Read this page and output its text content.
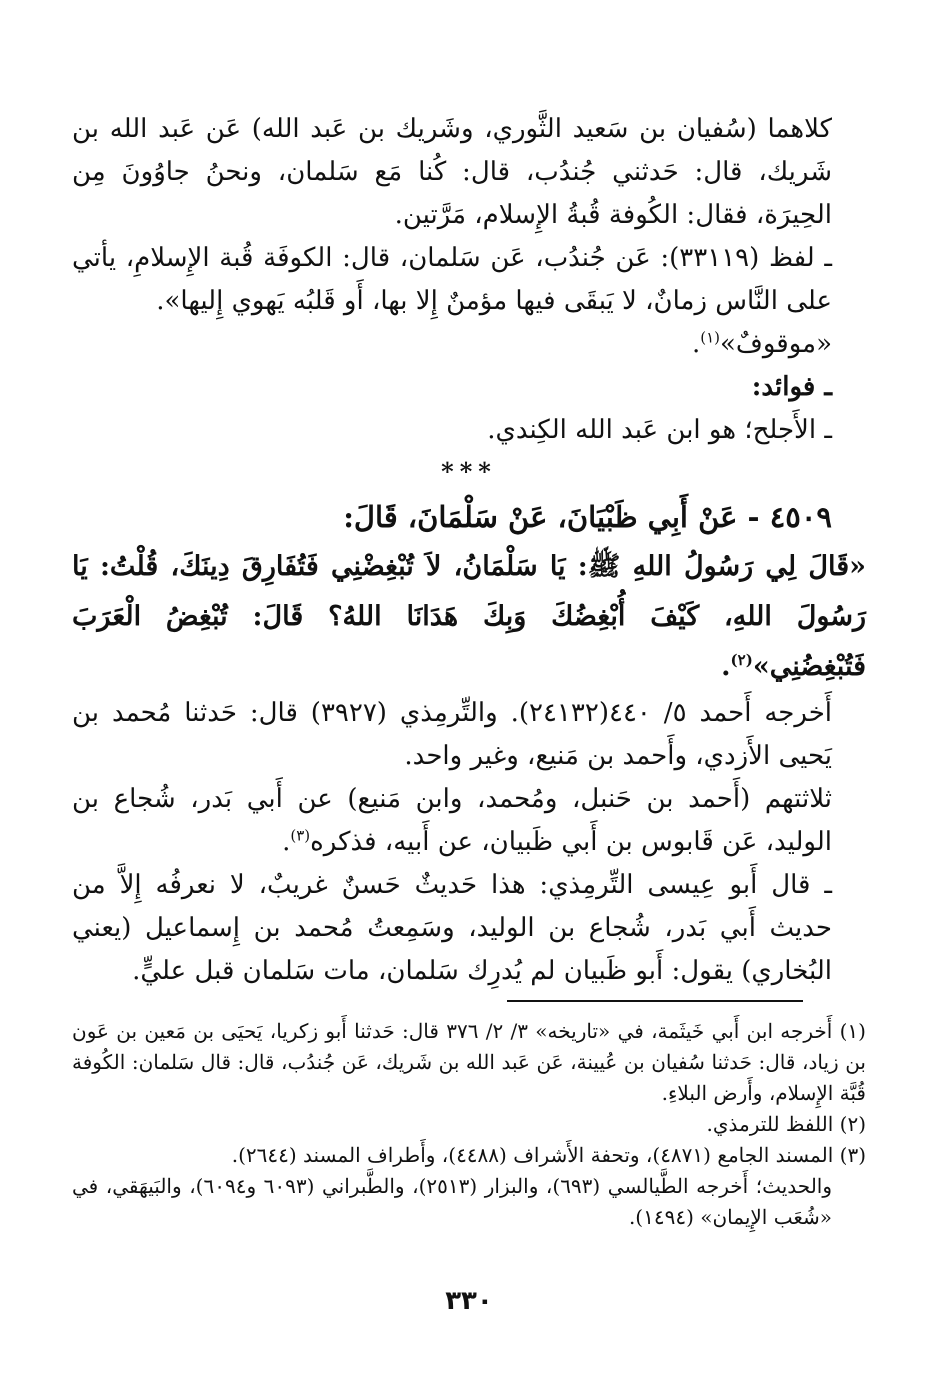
كلاهما (سُفيان بن سَعيد الثَّوري، وشَريك بن عَبد الله) عَن عَبد الله بن شَريك، قال: حَدثني جُندُب، قال: كُنا مَع سَلمان، ونحنُ جاوُونَ مِن الحِيرَة، فقال: الكُوفة قُبةُ الإِسلام، مَرَّتين.

ـ لفظ (٣٣١١٩): عَن جُندُب، عَن سَلمان، قال: الكوفَة قُبة الإِسلامِ، يأتي على النَّاس زمانٌ، لا يَبقَى فيها مؤمنٌ إِلا بها، أَو قَلبُه يَهوي إِليها».

«موقوفٌ»$^{(١)}$.

ـ فوائد:

ـ الأَجلح؛ هو ابن عَبد الله الكِندي.

***

٤٥٠٩ - عَنْ أَبِي ظَبْيَانَ، عَنْ سَلْمَانَ، قَالَ:

«قَالَ لِي رَسُولُ اللهِ ﷺ: يَا سَلْمَانُ، لاَ تُبْغِضْنِي فَتُفَارِقَ دِينَكَ، قُلْتُ: يَا رَسُولَ اللهِ، كَيْفَ أُبْغِضُكَ وَبِكَ هَدَانَا اللهُ؟ قَالَ: تُبْغِضُ الْعَرَبَ فَتُبْغِضُنِي»$^{(٢)}$.

أَخرجه أَحمد ٥/ ٤٤٠(٢٤١٣٢). والتِّرمِذي (٣٩٢٧) قال: حَدثنا مُحمد بن يَحيى الأَزدي، وأَحمد بن مَنيع، وغير واحد.

ثلاثتهم (أَحمد بن حَنبل، ومُحمد، وابن مَنيع) عن أَبي بَدر، شُجاع بن الوليد، عَن قَابوس بن أَبي ظَبيان، عن أَبيه، فذكره$^{(٣)}$.

ـ قال أَبو عِيسى التِّرمِذي: هذا حَديثٌ حَسنٌ غريبٌ، لا نعرفُه إِلاَّ من حديث أَبي بَدر، شُجاع بن الوليد، وسَمِعتُ مُحمد بن إِسماعيل (يعني البُخاري) يقول: أَبو ظَبيان لم يُدرِك سَلمان، مات سَلمان قبل عليٍّ.

(١) أَخرجه ابن أَبي خَيثَمة، في «تاريخه» ٣/ ٢/ ٣٧٦ قال: حَدثنا أَبو زكريا، يَحيَى بن مَعين بن عَون بن زياد، قال: حَدثنا سُفيان بن عُيينة، عَن عَبد الله بن شَريك، عَن جُندُب، قال: قال سَلمان: الكُوفة قُبَّة الإِسلام، وأَرض البلاءِ.

(٢) اللفظ للترمذي.

(٣) المسند الجامع (٤٨٧١)، وتحفة الأَشراف (٤٤٨٨)، وأَطراف المسند (٢٦٤٤).

والحديث؛ أَخرجه الطَّيالسي (٦٩٣)، والبزار (٢٥١٣)، والطَّبراني (٦٠٩٣ و٦٠٩٤)، والبَيهَقي، في «شُعَب الإِيمان» (١٤٩٤).

٣٣٠
